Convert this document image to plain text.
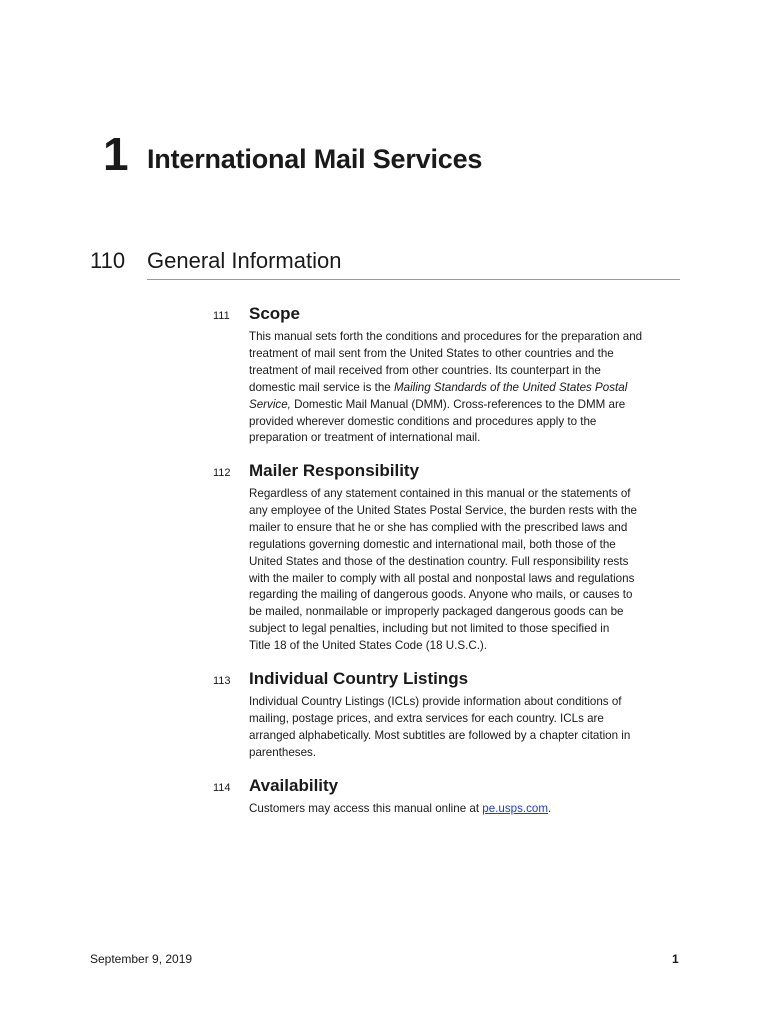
1 International Mail Services
110 General Information
111 Scope

This manual sets forth the conditions and procedures for the preparation and
treatment of mail sent from the United States to other countries and the
treatment of mail received from other countries. Its counterpart in the
domestic mail service is the Mailing Standards of the United States Postal
Service, Domestic Mail Manual (DMM). Cross-references to the DMM are
provided wherever domestic conditions and procedures apply to the
preparation or treatment of international mail.

112 Mailer Responsibility

Regardless of any statement contained in this manual or the statements of
any employee of the United States Postal Service, the burden rests with the
mailer to ensure that he or she has complied with the prescribed laws and
regulations governing domestic and international mail, both those of the
United States and those of the destination country. Full responsibility rests
with the mailer to comply with all postal and nonpostal laws and regulations
regarding the mailing of dangerous goods. Anyone who mails, or causes to
be mailed, nonmailable or improperly packaged dangerous goods can be
subject to legal penalties, including but not limited to those specified in
Title 18 of the United States Code (18 U.S.C.).

113 Individual Country Listings

Individual Country Listings (ICLs) provide information about conditions of
mailing, postage prices, and extra services for each country. ICLs are
arranged alphabetically. Most subtitles are followed by a chapter citation in
parentheses.

114 Availability

Customers may access this manual online at pe.usps.com.

September 9, 2019	1
